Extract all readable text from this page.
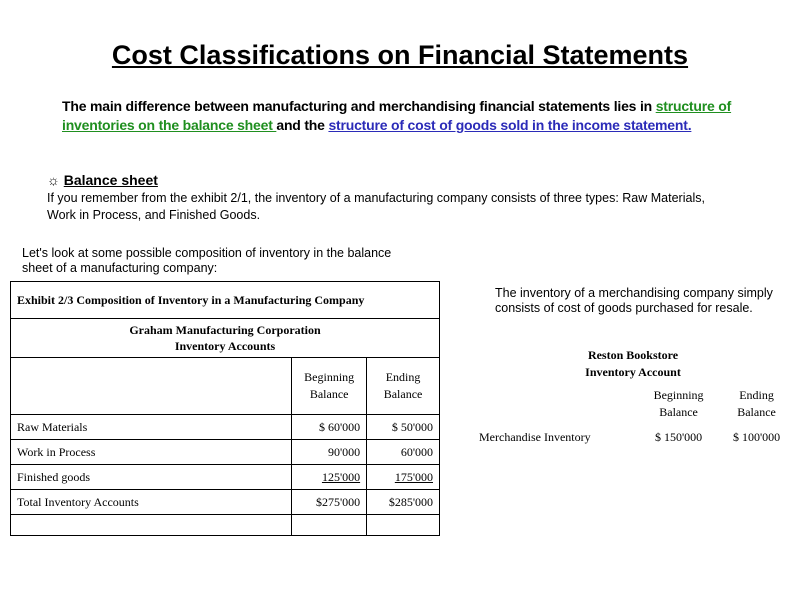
Cost Classifications on Financial Statements
The main difference between manufacturing and merchandising financial statements lies in structure of inventories on the balance sheet and the structure of cost of goods sold in the income statement.
☼ Balance sheet
If you remember from the exhibit 2/1, the inventory of a manufacturing company consists of three types: Raw Materials, Work in Process, and Finished Goods.
Let's look at some possible composition of inventory in the balance sheet of a manufacturing company:
The inventory of a merchandising company simply consists of cost of goods purchased for resale.
Exhibit 2/3 Composition of Inventory in a Manufacturing Company		

Graham Manufacturing Corporation
Inventory Accounts		

	Beginning Balance	Ending Balance
Raw Materials	$ 60'000	$ 50'000
Work in Process	90'000	60'000
Finished goods	125'000	175'000
Total Inventory Accounts	$275'000	$285'000

Reston Bookstore
Inventory Account		

	Beginning Balance	Ending Balance
Merchandise Inventory	$ 150'000	$ 100'000
